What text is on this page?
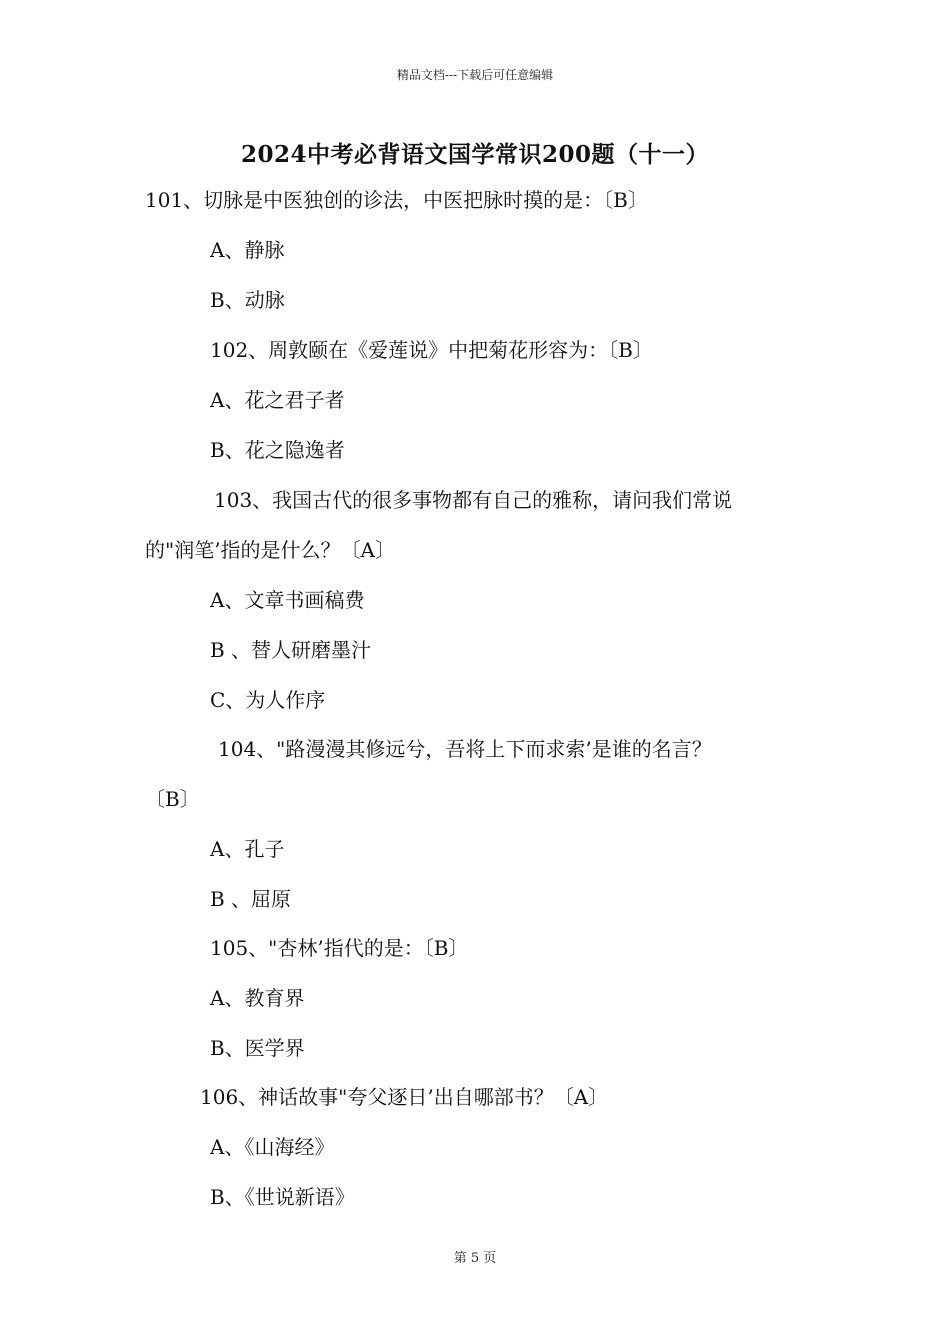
精品文档---下载后可任意编辑
2024中考必背语文国学常识200题（十一）
101、切脉是中医独创的诊法，中医把脉时摸的是：〔B〕
A、静脉
B、动脉
102、周敦颐在《爱莲说》中把菊花形容为：〔B〕
A、花之君子者
B、花之隐逸者
103、我国古代的很多事物都有自己的雅称，请问我们常说
的"润笔’指的是什么？〔A〕
A、文章书画稿费
B 、替人研磨墨汁
C、为人作序
104、"路漫漫其修远兮，吾将上下而求索’是谁的名言？
〔B〕
A、孔子
B 、屈原
105、"杏林’指代的是：〔B〕
A、教育界
B、医学界
106、神话故事"夸父逐日’出自哪部书？〔A〕
A、《山海经》
B、《世说新语》
第 5 页
